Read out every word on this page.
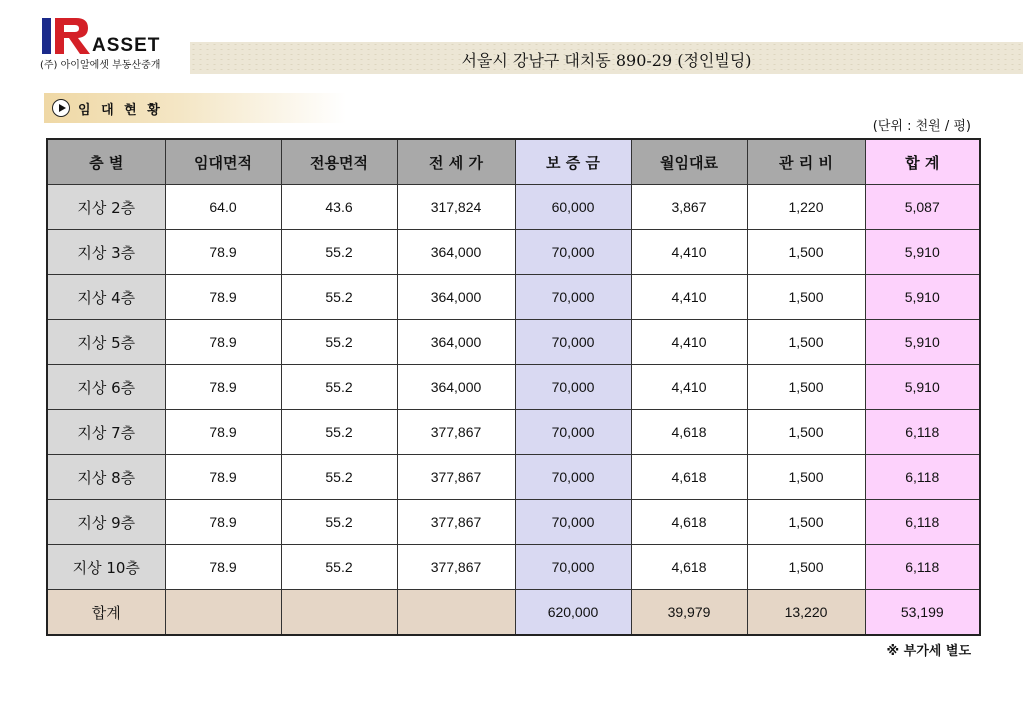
ASSET
(주) 아이알에셋 부동산중개	서울시 강남구 대치동 890-29 (정인빌딩)
임 대 현 황
(단위 : 천원 / 평)
층 별	임대면적	전용면적	전 세 가	보 증 금	월임대료	관 리 비	합 계
지상 2층	64.0	43.6	317,824	60,000	3,867	1,220	5,087
지상 3층	78.9	55.2	364,000	70,000	4,410	1,500	5,910
지상 4층	78.9	55.2	364,000	70,000	4,410	1,500	5,910
지상 5층	78.9	55.2	364,000	70,000	4,410	1,500	5,910
지상 6층	78.9	55.2	364,000	70,000	4,410	1,500	5,910
지상 7층	78.9	55.2	377,867	70,000	4,618	1,500	6,118
지상 8층	78.9	55.2	377,867	70,000	4,618	1,500	6,118
지상 9층	78.9	55.2	377,867	70,000	4,618	1,500	6,118
지상 10층	78.9	55.2	377,867	70,000	4,618	1,500	6,118
합계				620,000	39,979	13,220	53,199
※ 부가세 별도
